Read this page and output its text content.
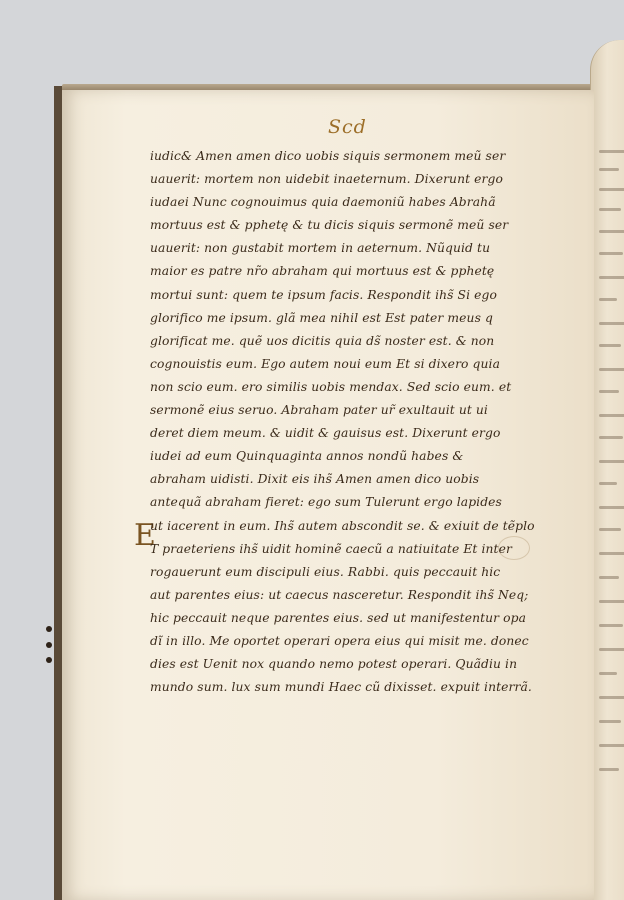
Scd
E
iudic& Amen amen dico uobis siquis sermonem meũ ser
uauerit: mortem non uidebit inaeternum. Dixerunt ergo
iudaei Nunc cognouimus quia daemoniũ habes Abrahã
mortuus est & pphetę & tu dicis siquis sermonẽ meũ ser
uauerit: non gustabit mortem in aeternum. Nũquid tu
maior es patre nr̃o abraham qui mortuus est & pphetę
mortui sunt: quem te ipsum facis. Respondit ihs̃ Si ego
glorifico me ipsum. glã mea nihil est Est pater meus q
glorificat me. quẽ uos dicitis quia ds̃ noster est. & non
cognouistis eum. Ego autem noui eum Et si dixero quia
non scio eum. ero similis uobis mendax. Sed scio eum. et
sermonẽ eius seruo. Abraham pater ur̃ exultauit ut ui
deret diem meum. & uidit & gauisus est. Dixerunt ergo
iudei ad eum Quinquaginta annos nondũ habes &
abraham uidisti. Dixit eis ihs̃ Amen amen dico uobis
antequã abraham fieret: ego sum Tulerunt ergo lapides
ut iacerent in eum. Ihs̃ autem abscondit se. & exiuit de tẽplo
T praeteriens ihs̃ uidit hominẽ caecũ a natiuitate Et inter
rogauerunt eum discipuli eius. Rabbi. quis peccauit hic
aut parentes eius: ut caecus nasceretur. Respondit ihs̃ Neq;
hic peccauit neque parentes eius. sed ut manifestentur opa
dĩ in illo. Me oportet operari opera eius qui misit me. donec
dies est Uenit nox quando nemo potest operari. Quãdiu in
mundo sum. lux sum mundi Haec cũ dixisset. expuit interrã.
